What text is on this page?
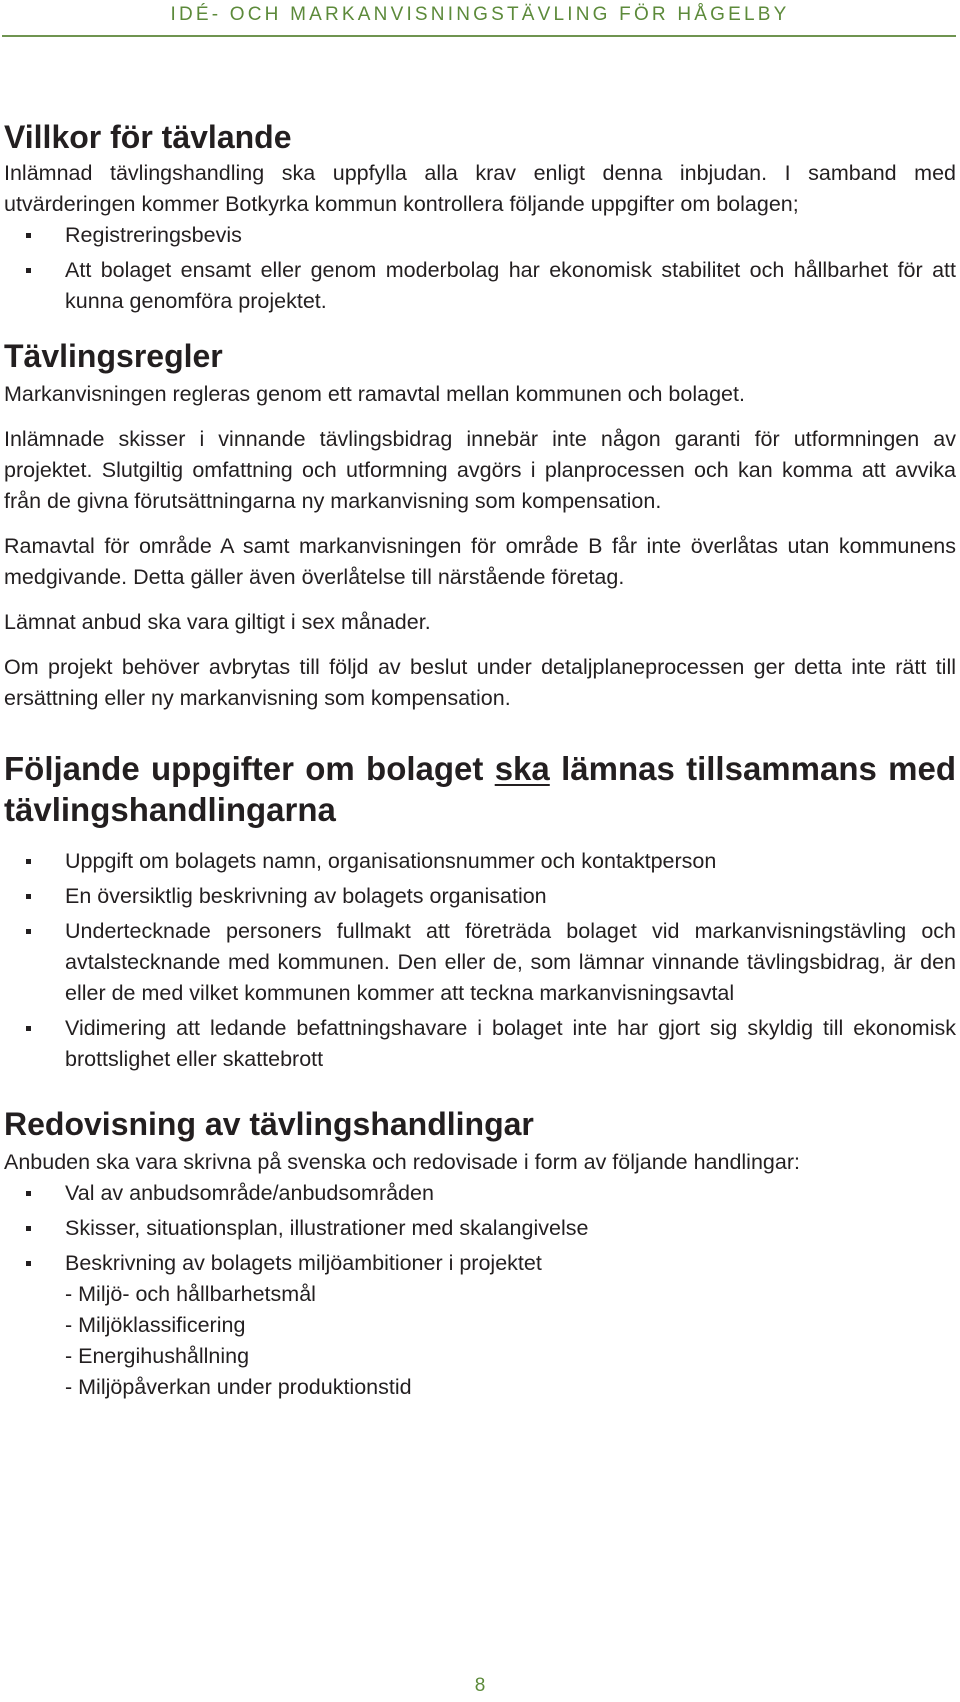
IDÉ- OCH MARKANVISNINGSTÄVLING FÖR HÅGELBY
Villkor för tävlande

Inlämnad tävlingshandling ska uppfylla alla krav enligt denna inbjudan. I samband med utvärderingen kommer Botkyrka kommun kontrollera följande uppgifter om bolagen;

Registreringsbevis
Att bolaget ensamt eller genom moderbolag har ekonomisk stabilitet och hållbarhet för att kunna genomföra projektet.
Tävlingsregler

Markanvisningen regleras genom ett ramavtal mellan kommunen och bolaget.

Inlämnade skisser i vinnande tävlingsbidrag innebär inte någon garanti för utformningen av projektet. Slutgiltig omfattning och utformning avgörs i planprocessen och kan komma att avvika från de givna förutsättningarna ny markanvisning som kompensation.

Ramavtal för område A samt markanvisningen för område B får inte överlåtas utan kommunens medgivande. Detta gäller även överlåtelse till närstående företag.

Lämnat anbud ska vara giltigt i sex månader.

Om projekt behöver avbrytas till följd av beslut under detaljplaneprocessen ger detta inte rätt till ersättning eller ny markanvisning som kompensation.

Följande uppgifter om bolaget ska lämnas tillsammans med tävlingshandlingarna
Uppgift om bolagets namn, organisationsnummer och kontaktperson
En översiktlig beskrivning av bolagets organisation
Undertecknade personers fullmakt att företräda bolaget vid markanvisningstävling och avtalstecknande med kommunen. Den eller de, som lämnar vinnande tävlingsbidrag, är den eller de med vilket kommunen kommer att teckna markanvisningsavtal
Vidimering att ledande befattningshavare i bolaget inte har gjort sig skyldig till ekonomisk brottslighet eller skattebrott
Redovisning av tävlingshandlingar

Anbuden ska vara skrivna på svenska och redovisade i form av följande handlingar:

Val av anbudsområde/anbudsområden
Skisser, situationsplan, illustrationer med skalangivelse
Beskrivning av bolagets miljöambitioner i projektet
- Miljö- och hållbarhetsmål
- Miljöklassificering
- Energihushållning
- Miljöpåverkan under produktionstid
8
